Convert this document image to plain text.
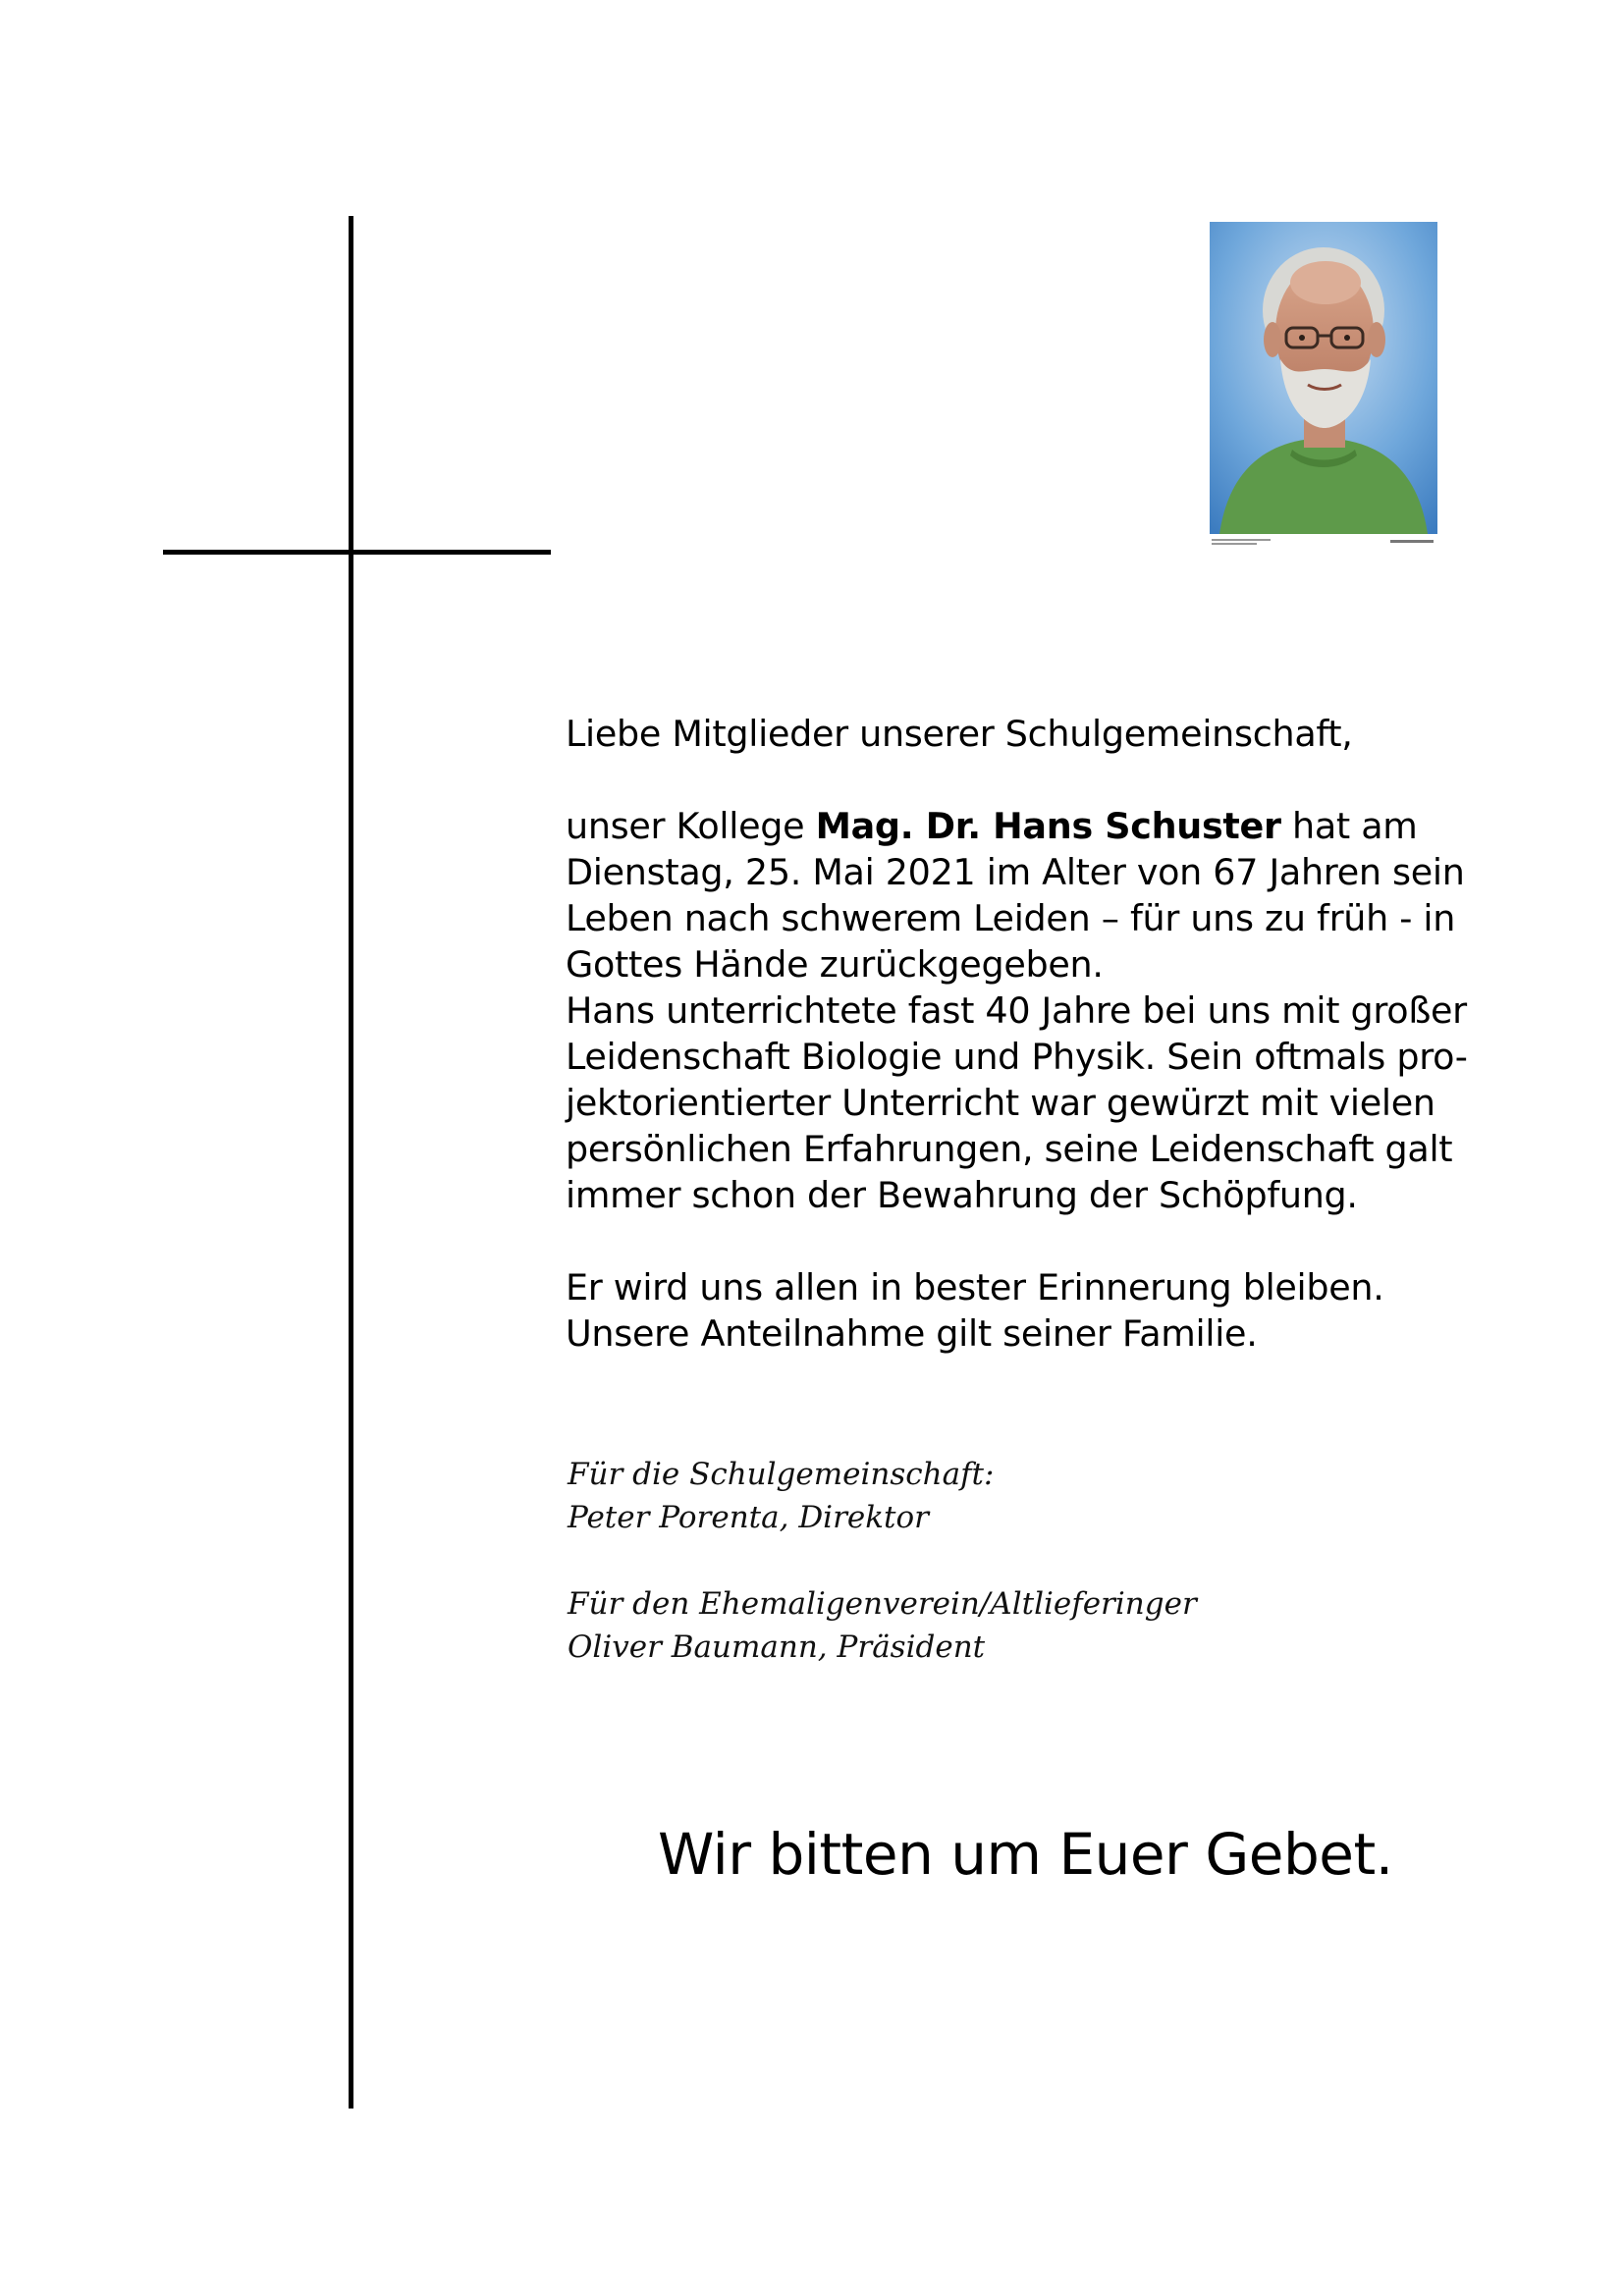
Liebe Mitglieder unserer Schulgemeinschaft,

unser Kollege Mag. Dr. Hans Schuster hat am

Dienstag, 25. Mai 2021 im Alter von 67 Jahren sein

Leben nach schwerem Leiden – für uns zu früh - in

Gottes Hände zurückgegeben.

Hans unterrichtete fast 40 Jahre bei uns mit großer

Leidenschaft Biologie und Physik. Sein oftmals pro-

jektorientierter Unterricht war gewürzt mit vielen

persönlichen Erfahrungen, seine Leidenschaft galt

immer schon der Bewahrung der Schöpfung.

Er wird uns allen in bester Erinnerung bleiben.

Unsere Anteilnahme gilt seiner Familie.

Für die Schulgemeinschaft:

Peter Porenta, Direktor

Für den Ehemaligenverein/Altlieferinger

Oliver Baumann, Präsident

Wir bitten um Euer Gebet.
